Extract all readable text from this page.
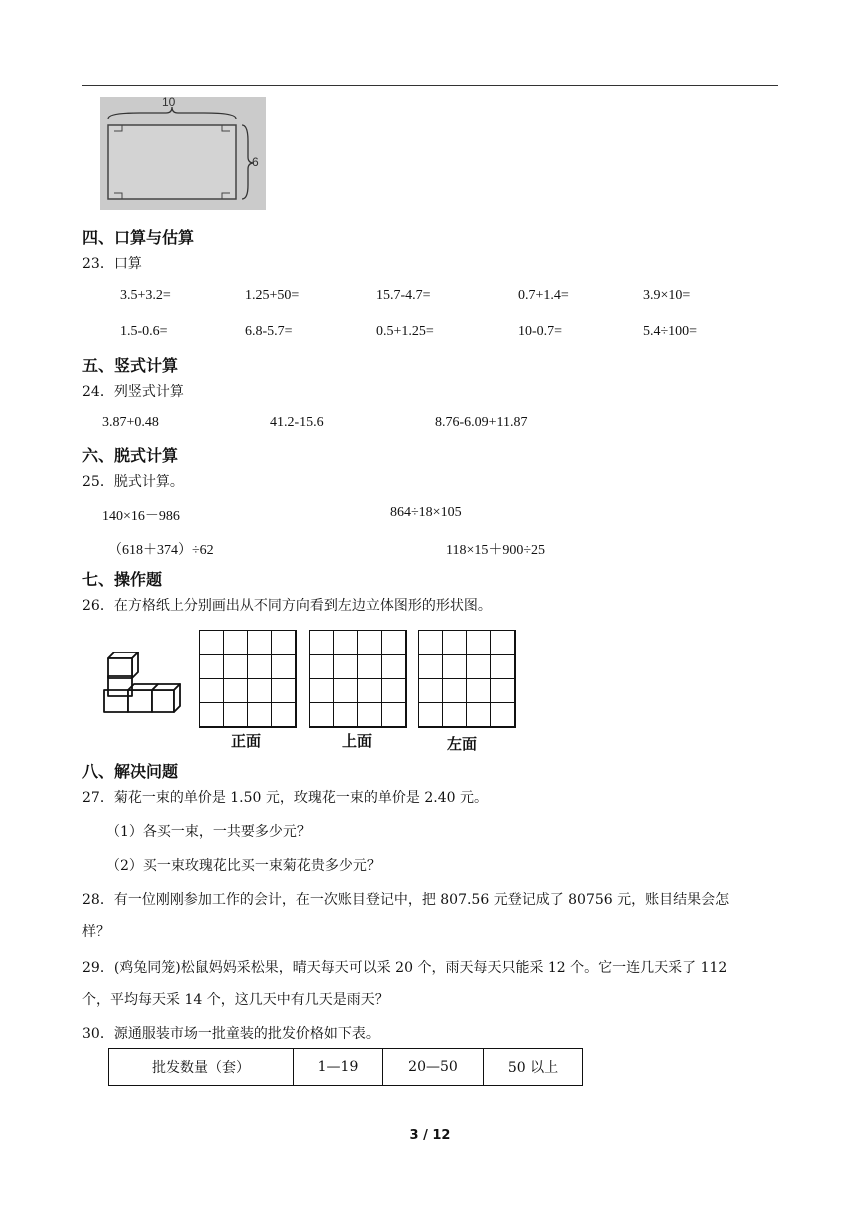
10
6
四、口算与估算
23．口算
3.5+3.2=	1.25+50=	15.7-4.7=	0.7+1.4=	3.9×10=
1.5-0.6=	6.8-5.7=	0.5+1.25=	10-0.7=	5.4÷100=
五、竖式计算
24．列竖式计算
3.87+0.48	41.2-15.6	8.76-6.09+11.87
六、脱式计算
25．脱式计算。
140×16－986	864÷18×105
（618＋374）÷62	118×15＋900÷25
七、操作题
26．在方格纸上分别画出从不同方向看到左边立体图形的形状图。
正面	上面	左面
八、解决问题
27．菊花一束的单价是 1.50 元，玫瑰花一束的单价是 2.40 元。
（1）各买一束，一共要多少元？
（2）买一束玫瑰花比买一束菊花贵多少元？
28．有一位刚刚参加工作的会计，在一次账目登记中，把 807.56 元登记成了 80756 元，账目结果会怎
样？
29．(鸡兔同笼)松鼠妈妈采松果，晴天每天可以采 20 个，雨天每天只能采 12 个。它一连几天采了 112
个，平均每天采 14 个，这几天中有几天是雨天？
30．源通服装市场一批童装的批发价格如下表。
批发数量（套）	1—19	20—50	50 以上
3 / 12
